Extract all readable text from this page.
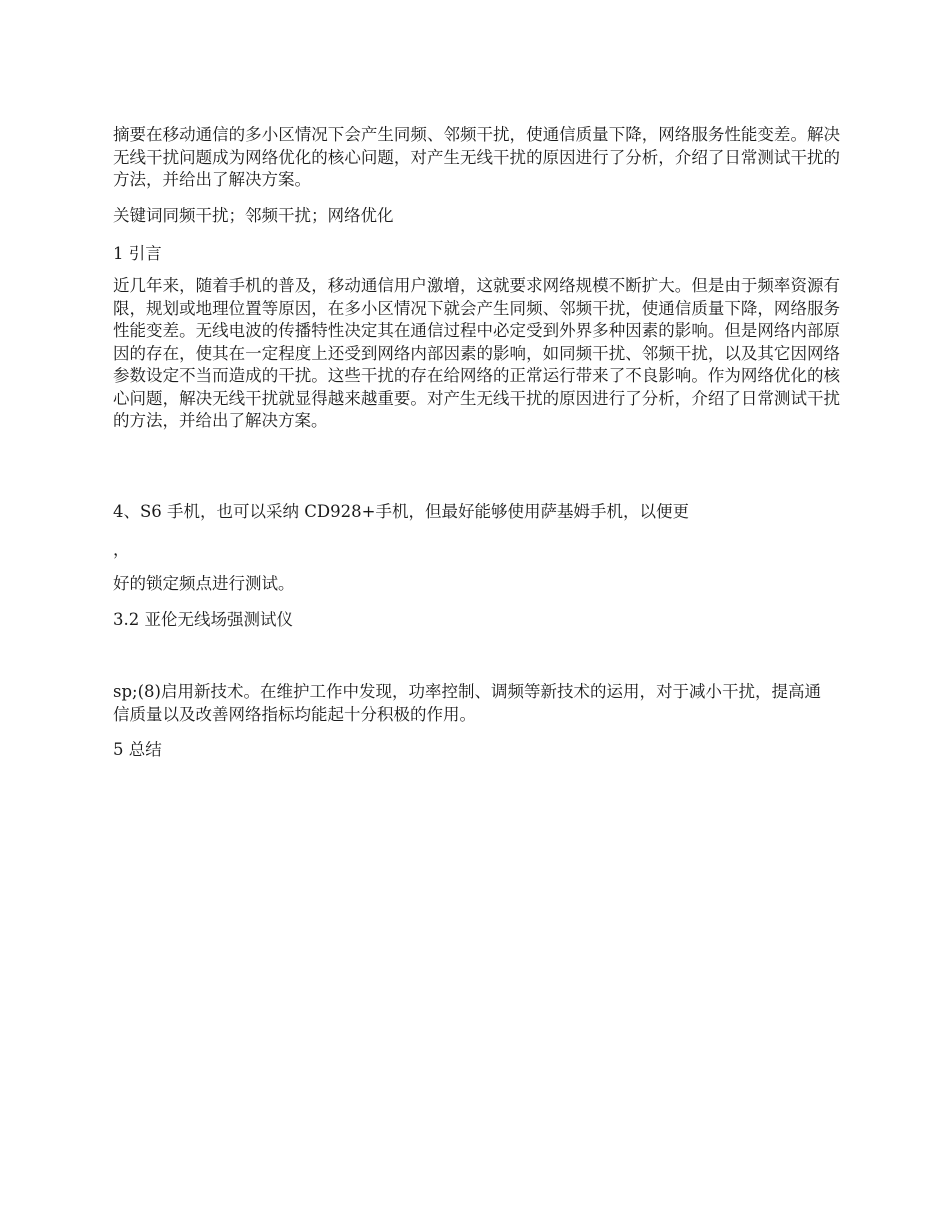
摘要在移动通信的多小区情况下会产生同频、邻频干扰，使通信质量下降，网络服务性能变差。解决无线干扰问题成为网络优化的核心问题，对产生无线干扰的原因进行了分析，介绍了日常测试干扰的方法，并给出了解决方案。

关键词同频干扰；邻频干扰；网络优化

1 引言

近几年来，随着手机的普及，移动通信用户激增，这就要求网络规模不断扩大。但是由于频率资源有限，规划或地理位置等原因，在多小区情况下就会产生同频、邻频干扰，使通信质量下降，网络服务性能变差。无线电波的传播特性决定其在通信过程中必定受到外界多种因素的影响。但是网络内部原因的存在，使其在一定程度上还受到网络内部因素的影响，如同频干扰、邻频干扰，以及其它因网络参数设定不当而造成的干扰。这些干扰的存在给网络的正常运行带来了不良影响。作为网络优化的核心问题，解决无线干扰就显得越来越重要。对产生无线干扰的原因进行了分析，介绍了日常测试干扰的方法，并给出了解决方案。

4、S6 手机，也可以采纳 CD928+手机，但最好能够使用萨基姆手机，以便更

，

好的锁定频点进行测试。

3.2 亚伦无线场强测试仪

sp;(8)启用新技术。在维护工作中发现，功率控制、调频等新技术的运用，对于减小干扰，提高通信质量以及改善网络指标均能起十分积极的作用。

5 总结
